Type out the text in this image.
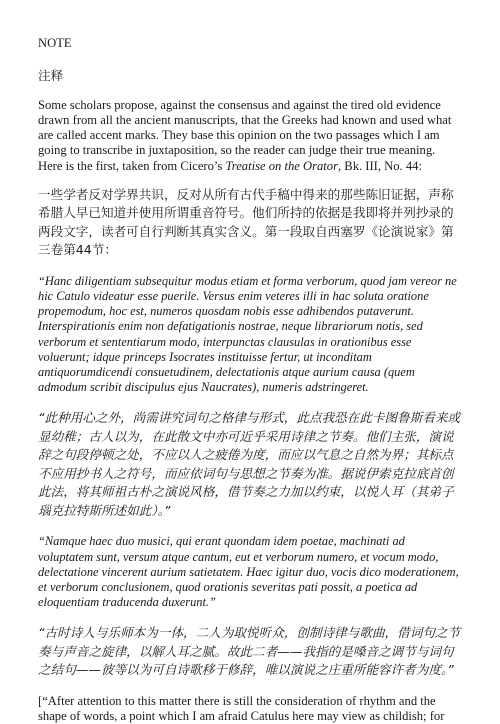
NOTE

注释

Some scholars propose, against the consensus and against the tired old evidence drawn from all the ancient manuscripts, that the Greeks had known and used what are called accent marks. They base this opinion on the two passages which I am going to transcribe in juxtaposition, so the reader can judge their true meaning. Here is the first, taken from Cicero’s Treatise on the Orator, Bk. III, No. 44:

一些学者反对学界共识，反对从所有古代手稿中得来的那些陈旧证据，声称希腊人早已知道并使用所谓重音符号。他们所持的依据是我即将并列抄录的两段文字，读者可自行判断其真实含义。第一段取自西塞罗《论演说家》第三卷第44节：

“Hanc diligentiam subsequitur modus etiam et forma verborum, quod jam vereor ne hic Catulo videatur esse puerile. Versus enim veteres illi in hac soluta oratione propemodum, hoc est, numeros quosdam nobis esse adhibendos putaverunt. Interspirationis enim non defatigationis nostrae, neque librariorum notis, sed verborum et sententiarum modo, interpunctas clausulas in orationibus esse voluerunt; idque princeps Isocrates instituisse fertur, ut inconditam antiquorumdicendi consuetudinem, delectationis atque aurium causa (quem admodum scribit discipulus ejus Naucrates), numeris adstringeret.

“此种用心之外，尚需讲究词句之格律与形式，此点我恐在此卡图鲁斯看来或显幼稚；古人以为，在此散文中亦可近乎采用诗律之节奏。他们主张，演说辞之句段停顿之处，不应以人之疲倦为度，而应以气息之自然为界；其标点不应用抄书人之符号，而应依词句与思想之节奏为准。据说伊索克拉底首创此法，将其师祖古朴之演说风格，借节奏之力加以约束，以悦人耳（其弟子瑙克拉特斯所述如此）。”

“Namque haec duo musici, qui erant quondam idem poetae, machinati ad voluptatem sunt, versum atque cantum, eut et verborum numero, et vocum modo, delectatione vincerent aurium satietatem. Haec igitur duo, vocis dico moderationem, et verborum conclusionem, quod orationis severitas pati possit, a poetica ad eloquentiam traducenda duxerunt.”

“古时诗人与乐师本为一体，二人为取悦听众，创制诗律与歌曲，借词句之节奏与声音之旋律，以解人耳之腻。故此二者——我指的是嗓音之调节与词句之结句——彼等以为可自诗歌移于修辞，唯以演说之庄重所能容许者为度。”

[“After attention to this matter there is still the consideration of rhythm and the shape of words, a point which I am afraid Catulus here may view as childish; for
